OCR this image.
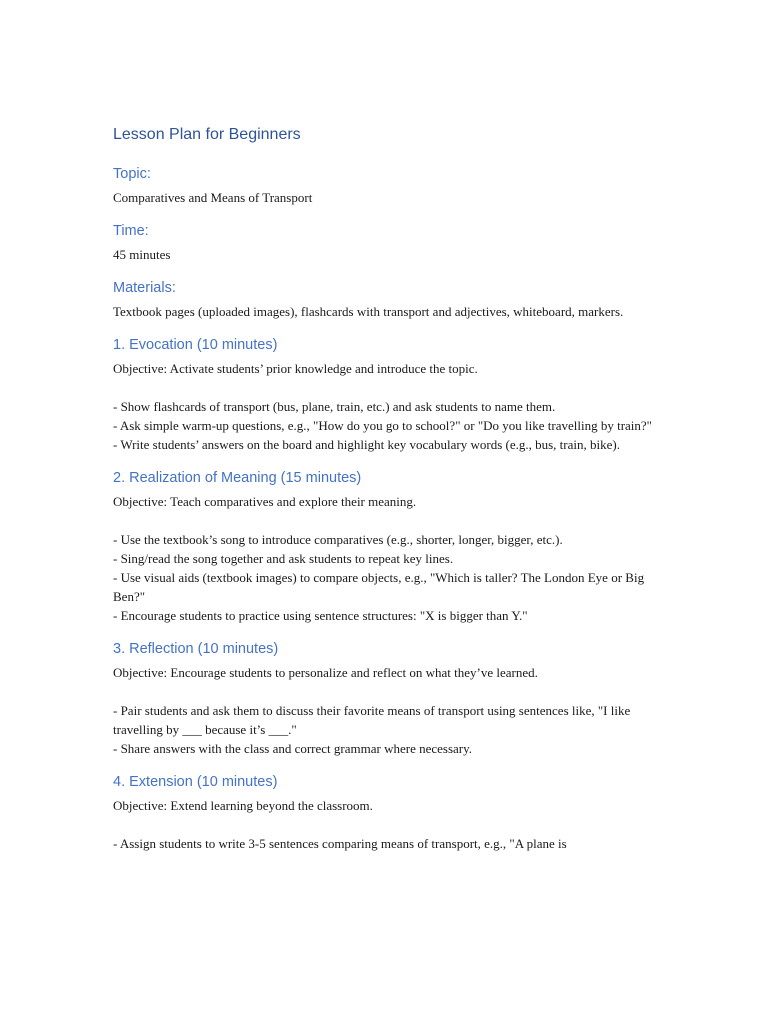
Lesson Plan for Beginners
Topic:

Comparatives and Means of Transport

Time:

45 minutes

Materials:

Textbook pages (uploaded images), flashcards with transport and adjectives, whiteboard, markers.

1. Evocation (10 minutes)

Objective: Activate students’ prior knowledge and introduce the topic.

- Show flashcards of transport (bus, plane, train, etc.) and ask students to name them.

- Ask simple warm-up questions, e.g., "How do you go to school?" or "Do you like travelling by train?"

- Write students’ answers on the board and highlight key vocabulary words (e.g., bus, train, bike).

2. Realization of Meaning (15 minutes)

Objective: Teach comparatives and explore their meaning.

- Use the textbook’s song to introduce comparatives (e.g., shorter, longer, bigger, etc.).

- Sing/read the song together and ask students to repeat key lines.

- Use visual aids (textbook images) to compare objects, e.g., "Which is taller? The London Eye or Big Ben?"

- Encourage students to practice using sentence structures: "X is bigger than Y."

3. Reflection (10 minutes)

Objective: Encourage students to personalize and reflect on what they’ve learned.

- Pair students and ask them to discuss their favorite means of transport using sentences like, "I like travelling by ___ because it’s ___."

- Share answers with the class and correct grammar where necessary.

4. Extension (10 minutes)

Objective: Extend learning beyond the classroom.

- Assign students to write 3-5 sentences comparing means of transport, e.g., "A plane is
